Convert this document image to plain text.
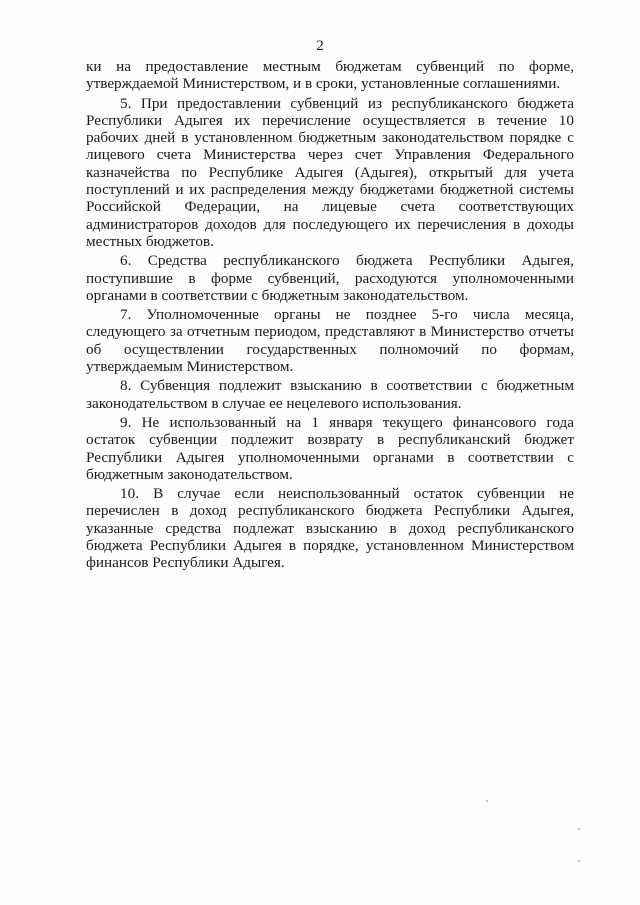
2

ки на предоставление местным бюджетам субвенций по форме, утверждаемой Министерством, и в сроки, установленные соглашениями.

5. При предоставлении субвенций из республиканского бюджета Республики Адыгея их перечисление осуществляется в течение 10 рабочих дней в установленном бюджетным законодательством порядке с лицевого счета Министерства через счет Управления Федерального казначейства по Республике Адыгея (Адыгея), открытый для учета поступлений и их распределения между бюджетами бюджетной системы Российской Федерации, на лицевые счета соответствующих администраторов доходов для последующего их перечисления в доходы местных бюджетов.

6. Средства республиканского бюджета Республики Адыгея, поступившие в форме субвенций, расходуются уполномоченными органами в соответствии с бюджетным законодательством.

7. Уполномоченные органы не позднее 5-го числа месяца, следующего за отчетным периодом, представляют в Министерство отчеты об осуществлении государственных полномочий по формам, утверждаемым Министерством.

8. Субвенция подлежит взысканию в соответствии с бюджетным законодательством в случае ее нецелевого использования.

9. Не использованный на 1 января текущего финансового года остаток субвенции подлежит возврату в республиканский бюджет Республики Адыгея уполномоченными органами в соответствии с бюджетным законодательством.

10. В случае если неиспользованный остаток субвенции не перечислен в доход республиканского бюджета Республики Адыгея, указанные средства подлежат взысканию в доход республиканского бюджета Республики Адыгея в порядке, установленном Министерством финансов Республики Адыгея.
